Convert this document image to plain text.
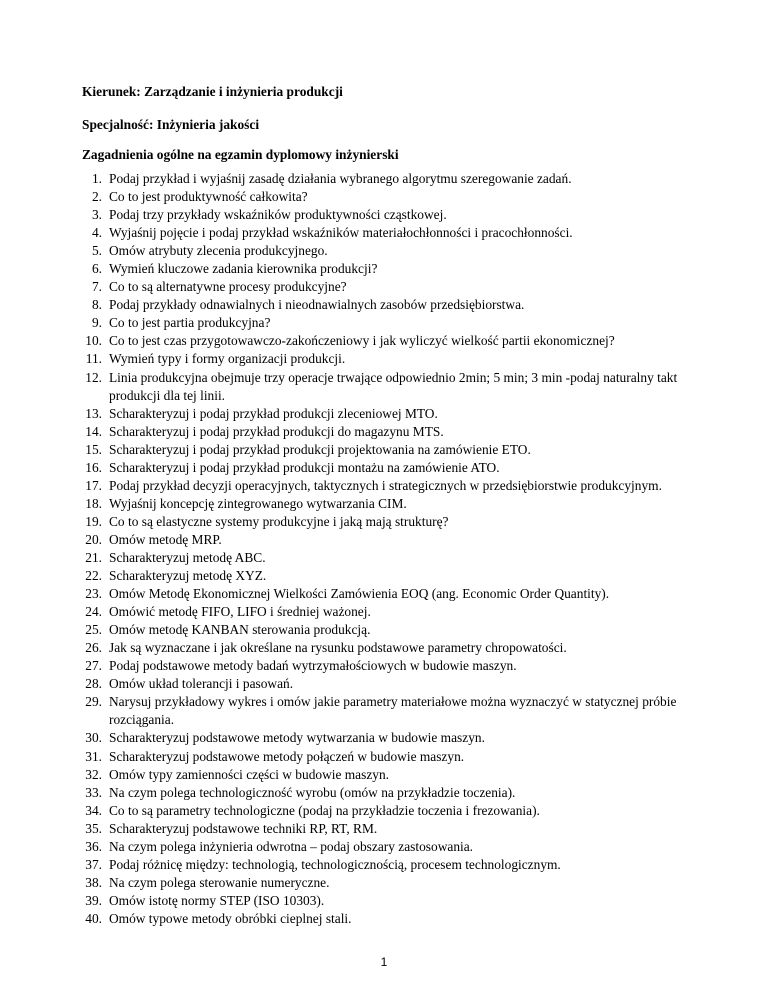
Kierunek: Zarządzanie i inżynieria produkcji
Specjalność: Inżynieria jakości
Zagadnienia ogólne na egzamin dyplomowy inżynierski
1. Podaj przykład i wyjaśnij zasadę działania wybranego algorytmu szeregowanie zadań.
2. Co to jest produktywność całkowita?
3. Podaj trzy przykłady wskaźników produktywności cząstkowej.
4. Wyjaśnij pojęcie i podaj przykład wskaźników materiałochłonności i pracochłonności.
5. Omów atrybuty zlecenia produkcyjnego.
6. Wymień kluczowe zadania kierownika produkcji?
7. Co to są alternatywne procesy produkcyjne?
8. Podaj przykłady odnawialnych i nieodnawialnych zasobów przedsiębiorstwa.
9. Co to jest partia produkcyjna?
10. Co to jest czas przygotowawczo-zakończeniowy i jak wyliczyć wielkość partii ekonomicznej?
11. Wymień typy i formy organizacji produkcji.
12. Linia produkcyjna obejmuje trzy operacje trwające odpowiednio 2min; 5 min; 3 min -podaj naturalny takt produkcji dla tej linii.
13. Scharakteryzuj i podaj przykład produkcji zleceniowej MTO.
14. Scharakteryzuj i podaj przykład produkcji do magazynu MTS.
15. Scharakteryzuj i podaj przykład produkcji projektowania na zamówienie ETO.
16. Scharakteryzuj i podaj przykład produkcji montażu na zamówienie ATO.
17. Podaj przykład decyzji operacyjnych, taktycznych i strategicznych w przedsiębiorstwie produkcyjnym.
18. Wyjaśnij koncepcję zintegrowanego wytwarzania CIM.
19. Co to są elastyczne systemy produkcyjne i jaką mają strukturę?
20. Omów metodę MRP.
21. Scharakteryzuj metodę ABC.
22. Scharakteryzuj metodę XYZ.
23. Omów Metodę Ekonomicznej Wielkości Zamówienia EOQ (ang. Economic Order Quantity).
24. Omówić metodę FIFO, LIFO i średniej ważonej.
25. Omów metodę KANBAN sterowania produkcją.
26. Jak są wyznaczane i jak określane na rysunku podstawowe parametry chropowatości.
27. Podaj podstawowe metody badań wytrzymałościowych w budowie maszyn.
28. Omów układ tolerancji i pasowań.
29. Narysuj przykładowy wykres i omów jakie parametry materiałowe można wyznaczyć w statycznej próbie rozciągania.
30. Scharakteryzuj podstawowe metody wytwarzania w budowie maszyn.
31. Scharakteryzuj podstawowe metody połączeń w budowie maszyn.
32. Omów typy zamienności części w budowie maszyn.
33. Na czym polega technologiczność wyrobu (omów na przykładzie toczenia).
34. Co to są parametry technologiczne (podaj na przykładzie toczenia i frezowania).
35. Scharakteryzuj podstawowe techniki RP, RT, RM.
36. Na czym polega inżynieria odwrotna – podaj obszary zastosowania.
37. Podaj różnicę między: technologią, technologicznością, procesem technologicznym.
38. Na czym polega sterowanie numeryczne.
39. Omów istotę normy STEP (ISO 10303).
40. Omów typowe metody obróbki cieplnej stali.
1
